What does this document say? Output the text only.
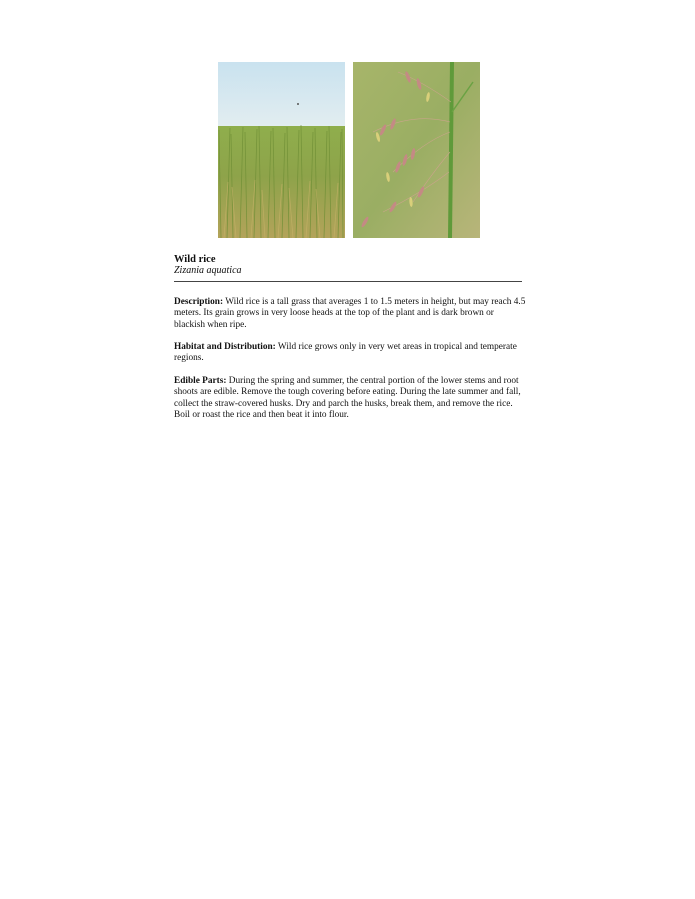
Wild rice
Zizania aquatica

Description: Wild rice is a tall grass that averages 1 to 1.5 meters in height, but may reach 4.5 meters. Its grain grows in very loose heads at the top of the plant and is dark brown or blackish when ripe.

Habitat and Distribution: Wild rice grows only in very wet areas in tropical and temperate regions.

Edible Parts: During the spring and summer, the central portion of the lower stems and root shoots are edible. Remove the tough covering before eating. During the late summer and fall, collect the straw-covered husks. Dry and parch the husks, break them, and remove the rice. Boil or roast the rice and then beat it into flour.
